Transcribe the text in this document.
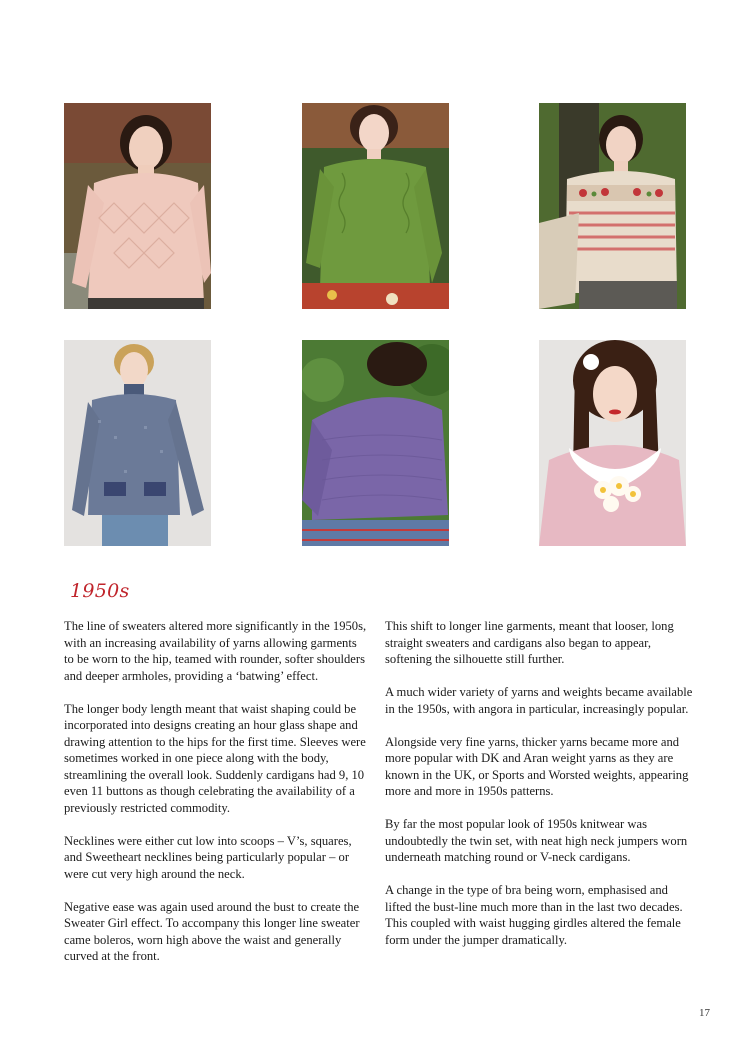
1950s

The line of sweaters altered more significantly in the 1950s, with an increasing availability of yarns allowing garments to be worn to the hip, teamed with rounder, softer shoulders and deeper armholes, providing a ‘batwing’ effect.

The longer body length meant that waist shaping could be incorporated into designs creating an hour glass shape and drawing attention to the hips for the first time. Sleeves were sometimes worked in one piece along with the body, streamlining the overall look. Suddenly cardigans had 9, 10 even 11 buttons as though celebrating the availability of a previously restricted commodity.

Necklines were either cut low into scoops – V’s, squares, and Sweetheart necklines being particularly popular – or were cut very high around the neck.

Negative ease was again used around the bust to create the Sweater Girl effect. To accompany this longer line sweater came boleros, worn high above the waist and generally curved at the front.

This shift to longer line garments, meant that looser, long straight sweaters and cardigans also began to appear, softening the silhouette still further.

A much wider variety of yarns and weights became available in the 1950s, with angora in particular, increasingly popular.

Alongside very fine yarns, thicker yarns became more and more popular with DK and Aran weight yarns as they are known in the UK, or Sports and Worsted weights, appearing more and more in 1950s patterns.

By far the most popular look of 1950s knitwear was undoubtedly the twin set, with neat high neck jumpers worn underneath matching round or V-neck cardigans.

A change in the type of bra being worn, emphasised and lifted the bust-line much more than in the last two decades. This coupled with waist hugging girdles altered the female form under the jumper dramatically.

17
